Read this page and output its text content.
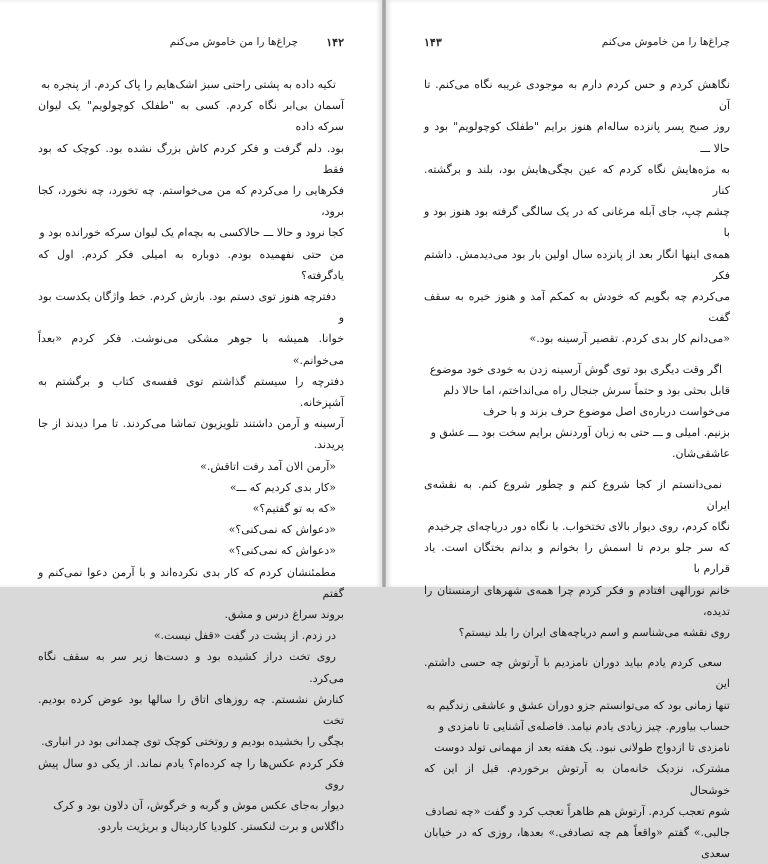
۱۴۲
چراغ‌ها را من خاموش می‌کنم

تکیه داده به پشتی راحتی سبز اشک‌هایم را پاک کردم. از پنجره به

آسمان بی‌ابر نگاه کردم. کسی به "طفلک کوچولویم" یک لیوان سرکه داده

بود. دلم گرفت و فکر کردم کاش بزرگ نشده بود. کوچک که بود فقط

فکرهایی را می‌کردم که من می‌خواستم. چه تخورد، چه نخورد، کجا برود،

کجا نرود و حالا ـــ حالاکسی به بچه‌ام یک لیوان سرکه خورانده بود و

من حتی نفهمیده بودم. دوباره به امیلی فکر کردم. اول که یادگرفته؟

دفترچه هنوز توی دستم بود. بازش کردم. خط واژگان یکدست بود و

خوانا. همیشه با جوهر مشکی می‌نوشت. فکر کردم «بعداً می‌خوانم.»

دفترچه را سیستم گذاشتم توی قفسه‌ی کتاب و برگشتم به آشپزخانه.

آرسینه و آرمن داشتند تلویزیون تماشا می‌کردند. تا مرا دیدند از جا پریدند.

«آرمن الان آمد رفت اتاقش.»

«کار بدی کردیم که ـــ»

«که به تو گفتیم؟»

«دعواش که نمی‌کنی؟»

«دعواش که نمی‌کنی؟»

مطمئنشان کردم که کار بدی نکرده‌اند و با آرمن دعوا نمی‌کنم و گفتم

بروند سراغ درس و مشق.

در زدم. از پشت در گفت «قفل نیست.»

روی تخت دراز کشیده بود و دست‌ها زیر سر به سقف نگاه می‌کرد.

کنارش نشستم. چه روزهای اتاق را سالها بود عوض کرده بودیم. تخت

بچگی را بخشیده بودیم و روتختی کوچک توی چمدانی بود در انباری.

فکر کردم عکس‌ها را چه کرده‌ام؟ یادم نماند. از یکی دو سال پیش روی

دیوار به‌جای عکس موش و گربه و خرگوش، آن دلاون بود و کرک

داگلاس و برت لنکستر. کلودیا کاردینال و بریژیت باردو.

چراغ‌ها را من خاموش می‌کنم
۱۴۳

نگاهش کردم و حس کردم دارم به موجودی غریبه نگاه می‌کنم. تا آن

روز صبح پسر پانزده ساله‌ام هنوز برایم "طفلک کوچولویم" بود و حالا ـــ

به مژه‌هایش نگاه کردم که عین بچگی‌هایش بود، بلند و برگشته. کنار

چشم چپ، جای آبله مرغانی که در یک سالگی گرفته بود هنوز بود و با

همه‌ی اینها انگار بعد از پانزده سال اولین بار بود می‌دیدمش. داشتم فکر

می‌کردم چه بگویم که خودش به کمکم آمد و هنوز خیره به سقف گفت

«می‌دانم کار بدی کردم. تقصیر آرسینه بود.»

اگر وقت دیگری بود توی گوش آرسینه زدن به خودی خود موضوع

قابل بحثی بود و حتماً سرش جنجال راه می‌انداختم، اما حالا دلم

می‌خواست درباره‌ی اصل موضوع حرف بزند و با حرف

بزنیم. امیلی و ـــ حتی به زبان آوردنش برایم سخت بود ـــ عشق و

عاشقی‌شان.

نمی‌دانستم از کجا شروع کنم و چطور شروع کنم. به نقشه‌ی ایران

نگاه کردم، روی دیوار بالای تختخواب. با نگاه دور دریاچه‌ای چرخیدم

که سر جلو بردم تا اسمش را بخوانم و بدانم بختگان است. یاد قرارم با

خانم نورالهی افتادم و فکر کردم چرا همه‌ی شهرهای ارمنستان را تدیده،

روی نقشه می‌شناسم و اسم دریاچه‌های ایران را بلد نیستم؟

سعی کردم یادم بیاید دوران نامزدیم با آرتوش چه حسی داشتم. این

تنها زمانی بود که می‌توانستم جزو دوران عشق و عاشقی زندگیم به

حساب بیاورم. چیز زیادی یادم نیامد. فاصله‌ی آشنایی تا نامزدی و

نامزدی تا ازدواج طولانی نبود. یک هفته بعد از مهمانی تولد دوست

مشترک، نزدیک خانه‌مان به آرتوش برخوردم. قبل از این که خوشحال

شوم تعجب کردم. آرتوش هم ظاهراً تعجب کرد و گفت «چه تصادف

جالبی.» گفتم «واقعاً هم چه تصادفی.» بعدها، روزی که در خیابان سعدی
